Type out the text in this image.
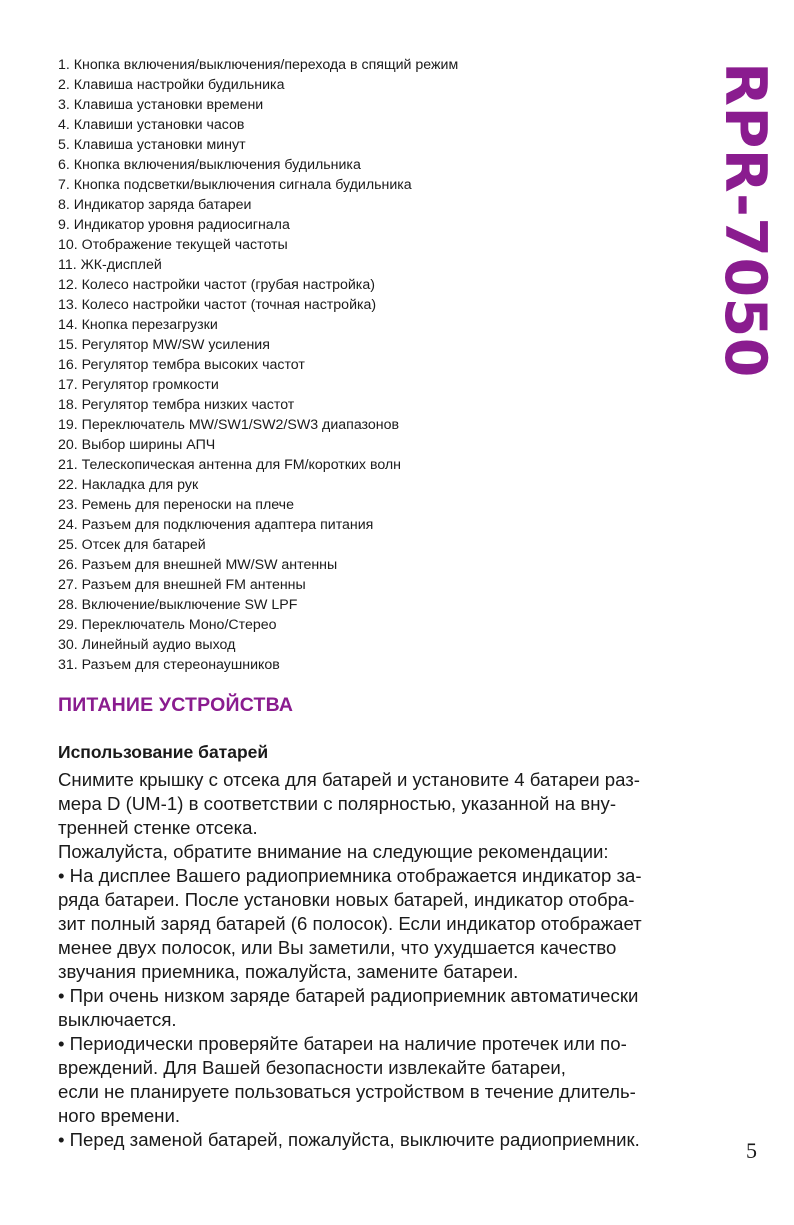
1. Кнопка включения/выключения/перехода в спящий режим
2. Клавиша настройки будильника
3. Клавиша установки времени
4. Клавиши установки часов
5. Клавиша установки минут
6. Кнопка включения/выключения будильника
7. Кнопка подсветки/выключения сигнала будильника
8. Индикатор заряда батареи
9. Индикатор уровня радиосигнала
10. Отображение текущей частоты
11. ЖК-дисплей
12. Колесо настройки частот (грубая настройка)
13. Колесо настройки частот (точная настройка)
14. Кнопка перезагрузки
15. Регулятор MW/SW усиления
16. Регулятор тембра высоких частот
17. Регулятор громкости
18. Регулятор тембра низких частот
19. Переключатель MW/SW1/SW2/SW3 диапазонов
20. Выбор ширины АПЧ
21. Телескопическая антенна для FM/коротких волн
22. Накладка для рук
23. Ремень для переноски на плече
24. Разъем для подключения адаптера питания
25. Отсек для батарей
26. Разъем для внешней MW/SW антенны
27. Разъем для внешней FM антенны
28. Включение/выключение SW LPF
29. Переключатель Моно/Стерео
30. Линейный аудио выход
31. Разъем для стереонаушников
RPR-7050
ПИТАНИЕ УСТРОЙСТВА
Использование батарей
Снимите крышку с отсека для батарей и установите 4 батареи раз-
мера D (UM-1) в соответствии с полярностью, указанной на вну-
тренней стенке отсека.
Пожалуйста, обратите внимание на следующие рекомендации:
• На дисплее Вашего радиоприемника отображается индикатор за-
ряда батареи. После установки новых батарей, индикатор отобра-
зит полный заряд батарей (6 полосок). Если индикатор отображает
менее двух полосок, или Вы заметили, что ухудшается качество
звучания приемника, пожалуйста, замените батареи.
• При очень низком заряде батарей радиоприемник автоматически
выключается.
• Периодически проверяйте батареи на наличие протечек или по-
вреждений. Для Вашей безопасности извлекайте батареи,
если не планируете пользоваться устройством в течение длитель-
ного времени.
• Перед заменой батарей, пожалуйста, выключите радиоприемник.	5
